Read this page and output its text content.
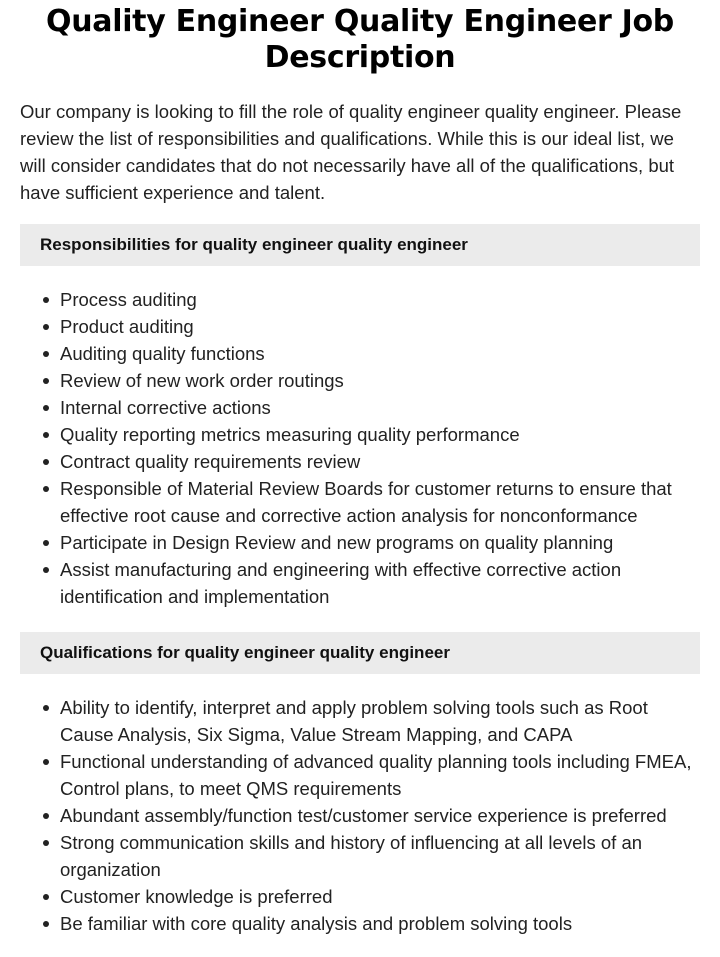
Quality Engineer Quality Engineer Job Description

Our company is looking to fill the role of quality engineer quality engineer. Please review the list of responsibilities and qualifications. While this is our ideal list, we will consider candidates that do not necessarily have all of the qualifications, but have sufficient experience and talent.

Responsibilities for quality engineer quality engineer
Process auditing
Product auditing
Auditing quality functions
Review of new work order routings
Internal corrective actions
Quality reporting metrics measuring quality performance
Contract quality requirements review
Responsible of Material Review Boards for customer returns to ensure that effective root cause and corrective action analysis for nonconformance
Participate in Design Review and new programs on quality planning
Assist manufacturing and engineering with effective corrective action identification and implementation
Qualifications for quality engineer quality engineer
Ability to identify, interpret and apply problem solving tools such as Root Cause Analysis, Six Sigma, Value Stream Mapping, and CAPA
Functional understanding of advanced quality planning tools including FMEA, Control plans, to meet QMS requirements
Abundant assembly/function test/customer service experience is preferred
Strong communication skills and history of influencing at all levels of an organization
Customer knowledge is preferred
Be familiar with core quality analysis and problem solving tools
